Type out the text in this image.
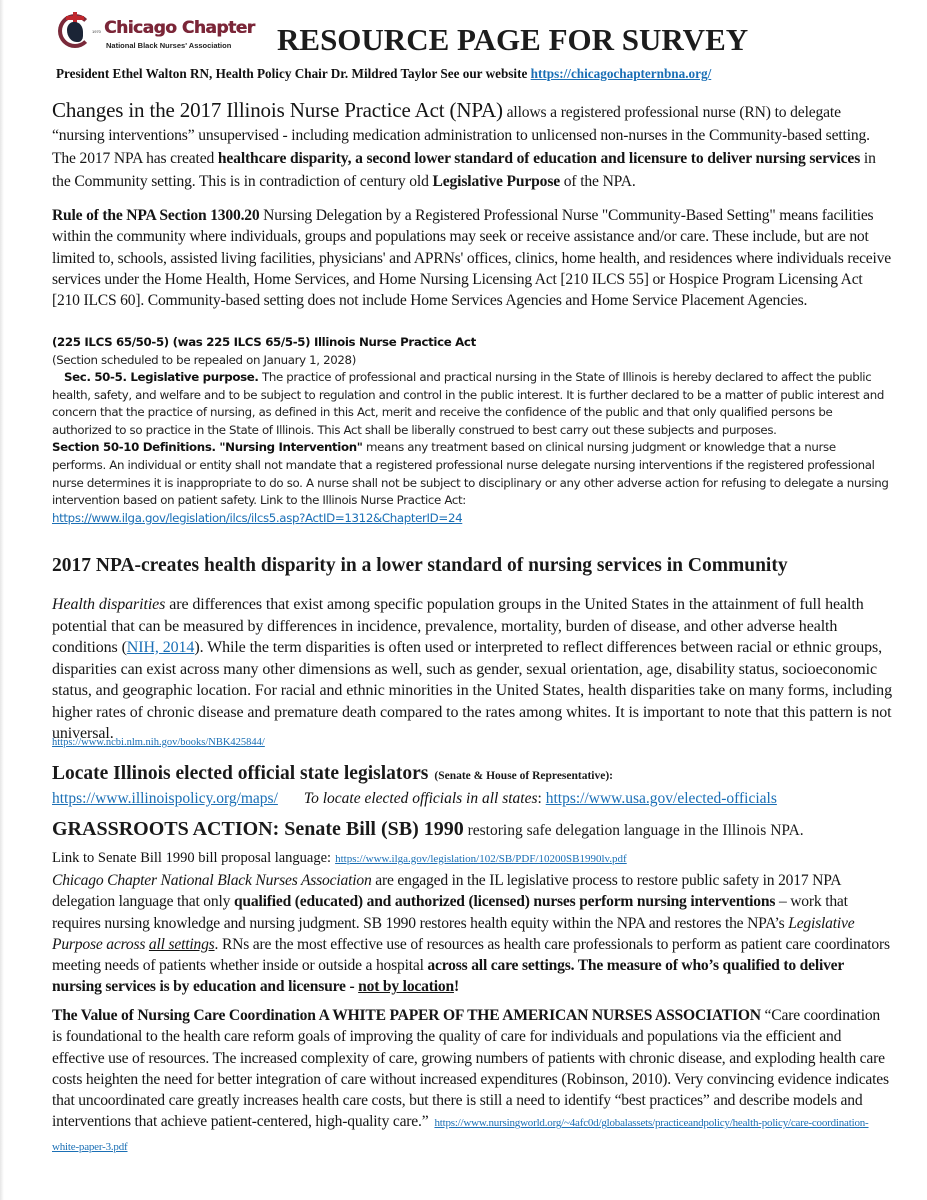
1970 Chicago Chapter
National Black Nurses' Association RESOURCE PAGE FOR SURVEY
President Ethel Walton RN, Health Policy Chair Dr. Mildred Taylor See our website https://chicagochapternbna.org/
Changes in the 2017 Illinois Nurse Practice Act (NPA) allows a registered professional nurse (RN) to delegate “nursing interventions” unsupervised - including medication administration to unlicensed non-nurses in the Community-based setting. The 2017 NPA has created healthcare disparity, a second lower standard of education and licensure to deliver nursing services in the Community setting. This is in contradiction of century old Legislative Purpose of the NPA.
Rule of the NPA Section 1300.20 Nursing Delegation by a Registered Professional Nurse "Community-Based Setting" means facilities within the community where individuals, groups and populations may seek or receive assistance and/or care. These include, but are not limited to, schools, assisted living facilities, physicians' and APRNs' offices, clinics, home health, and residences where individuals receive services under the Home Health, Home Services, and Home Nursing Licensing Act [210 ILCS 55] or Hospice Program Licensing Act [210 ILCS 60]. Community-based setting does not include Home Services Agencies and Home Service Placement Agencies.
(225 ILCS 65/50-5) (was 225 ILCS 65/5-5) Illinois Nurse Practice Act
(Section scheduled to be repealed on January 1, 2028)
Sec. 50-5. Legislative purpose. The practice of professional and practical nursing in the State of Illinois is hereby declared to affect the public health, safety, and welfare and to be subject to regulation and control in the public interest. It is further declared to be a matter of public interest and concern that the practice of nursing, as defined in this Act, merit and receive the confidence of the public and that only qualified persons be authorized to so practice in the State of Illinois. This Act shall be liberally construed to best carry out these subjects and purposes.
Section 50-10 Definitions. "Nursing Intervention" means any treatment based on clinical nursing judgment or knowledge that a nurse performs. An individual or entity shall not mandate that a registered professional nurse delegate nursing interventions if the registered professional nurse determines it is inappropriate to do so. A nurse shall not be subject to disciplinary or any other adverse action for refusing to delegate a nursing intervention based on patient safety. Link to the Illinois Nurse Practice Act:
https://www.ilga.gov/legislation/ilcs/ilcs5.asp?ActID=1312&ChapterID=24
2017 NPA-creates health disparity in a lower standard of nursing services in Community
Health disparities are differences that exist among specific population groups in the United States in the attainment of full health potential that can be measured by differences in incidence, prevalence, mortality, burden of disease, and other adverse health conditions (NIH, 2014). While the term disparities is often used or interpreted to reflect differences between racial or ethnic groups, disparities can exist across many other dimensions as well, such as gender, sexual orientation, age, disability status, socioeconomic status, and geographic location. For racial and ethnic minorities in the United States, health disparities take on many forms, including higher rates of chronic disease and premature death compared to the rates among whites. It is important to note that this pattern is not universal.
https://www.ncbi.nlm.nih.gov/books/NBK425844/
Locate Illinois elected official state legislators (Senate & House of Representative):
https://www.illinoispolicy.org/maps/ To locate elected officials in all states: https://www.usa.gov/elected-officials
GRASSROOTS ACTION: Senate Bill (SB) 1990 restoring safe delegation language in the Illinois NPA.
Link to Senate Bill 1990 bill proposal language: https://www.ilga.gov/legislation/102/SB/PDF/10200SB1990lv.pdf
Chicago Chapter National Black Nurses Association are engaged in the IL legislative process to restore public safety in 2017 NPA delegation language that only qualified (educated) and authorized (licensed) nurses perform nursing interventions – work that requires nursing knowledge and nursing judgment. SB 1990 restores health equity within the NPA and restores the NPA’s Legislative Purpose across all settings. RNs are the most effective use of resources as health care professionals to perform as patient care coordinators meeting needs of patients whether inside or outside a hospital across all care settings. The measure of who’s qualified to deliver nursing services is by education and licensure - not by location!
The Value of Nursing Care Coordination A WHITE PAPER OF THE AMERICAN NURSES ASSOCIATION “Care coordination is foundational to the health care reform goals of improving the quality of care for individuals and populations via the efficient and effective use of resources. The increased complexity of care, growing numbers of patients with chronic disease, and exploding health care costs heighten the need for better integration of care without increased expenditures (Robinson, 2010). Very convincing evidence indicates that uncoordinated care greatly increases health care costs, but there is still a need to identify “best practices” and describe models and interventions that achieve patient-centered, high-quality care.” https://www.nursingworld.org/~4afc0d/globalassets/practiceandpolicy/health-policy/care-coordination-white-paper-3.pdf
